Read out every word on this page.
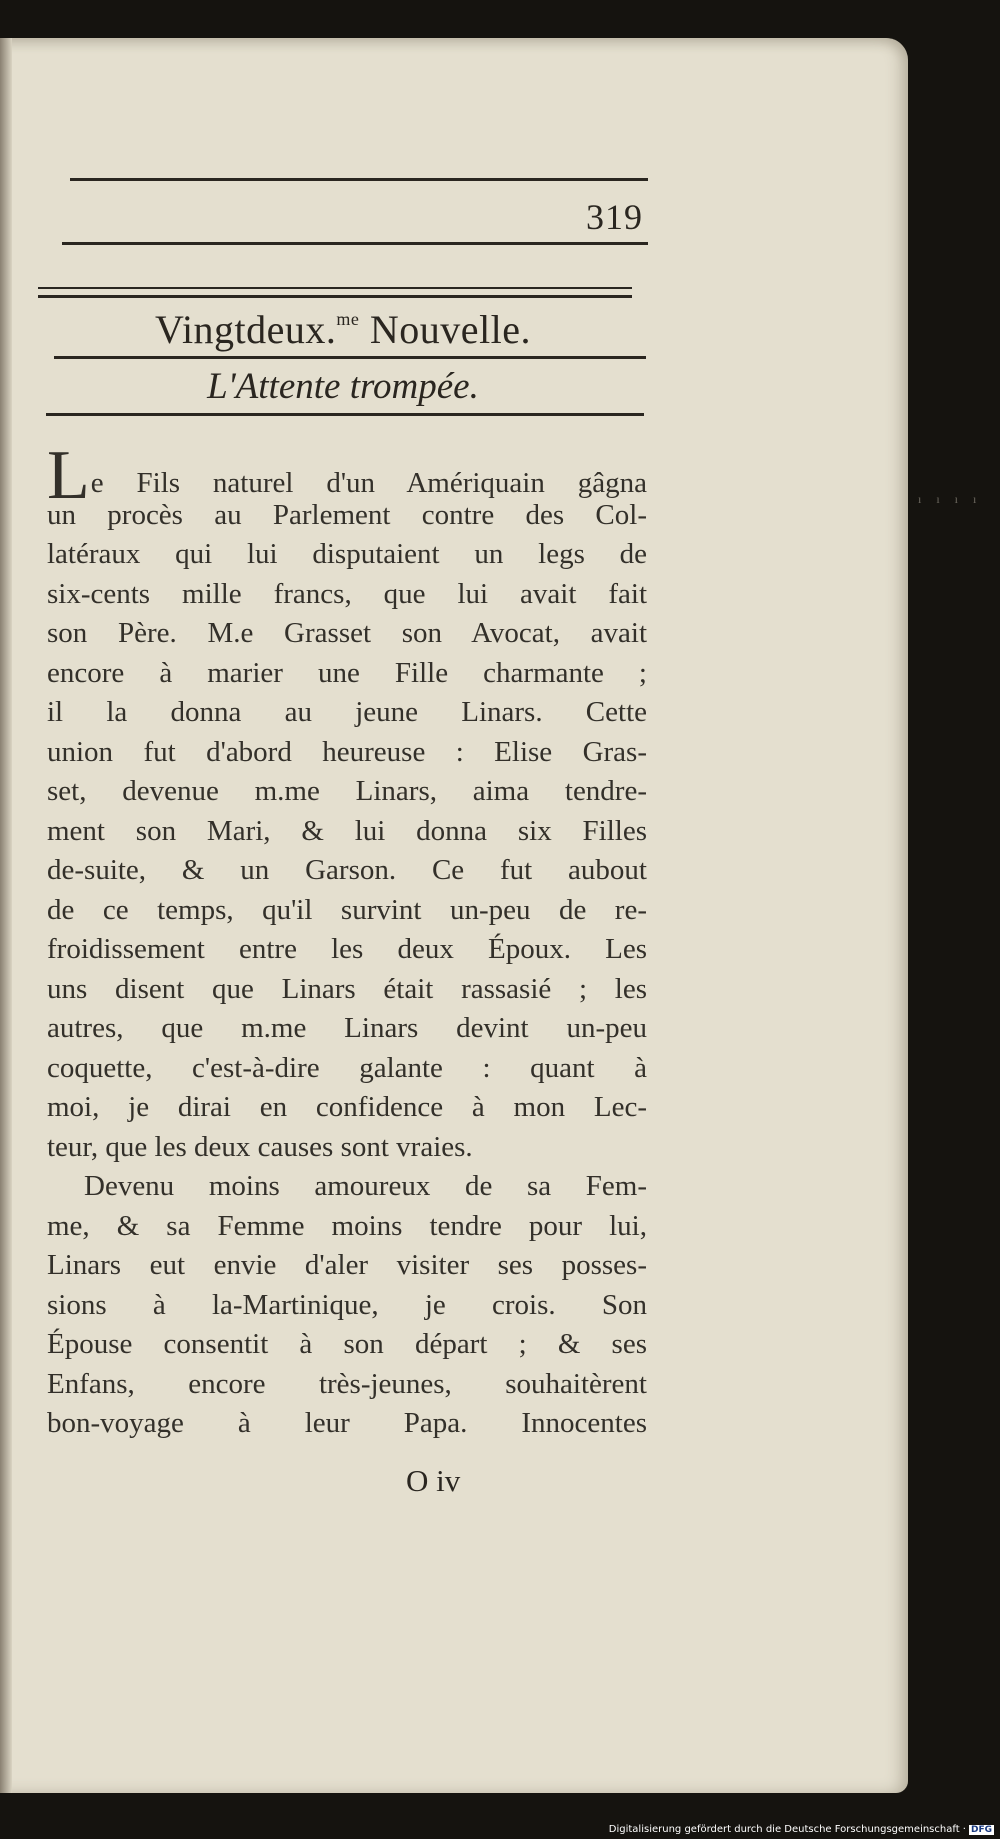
319
Vingtdeux.$^{me}$ Nouvelle.
L'Attente trompée.
Le Fils naturel d'un Amériquain gâgna
un procès au Parlement contre des Col-
latéraux qui lui disputaient un legs de
six-cents mille francs, que lui avait fait
son Père. M.e Grasset son Avocat, avait
encore à marier une Fille charmante ;
il la donna au jeune Linars. Cette
union fut d'abord heureuse : Elise Gras-
set, devenue m.me Linars, aima tendre-
ment son Mari, & lui donna six Filles
de-suite, & un Garson. Ce fut aubout
de ce temps, qu'il survint un-peu de re-
froidissement entre les deux Époux. Les
uns disent que Linars était rassasié ; les
autres, que m.me Linars devint un-peu
coquette, c'est-à-dire galante : quant à
moi, je dirai en confidence à mon Lec-
teur, que les deux causes sont vraies.
Devenu moins amoureux de sa Fem-
me, & sa Femme moins tendre pour lui,
Linars eut envie d'aler visiter ses posses-
sions à la-Martinique, je crois. Son
Épouse consentit à son départ ; & ses
Enfans, encore très-jeunes, souhaitèrent
bon-voyage à leur Papa. Innocentes
O iv
ı ı ı ı
Digitalisierung gefördert durch die Deutsche Forschungsgemeinschaft · DFG
